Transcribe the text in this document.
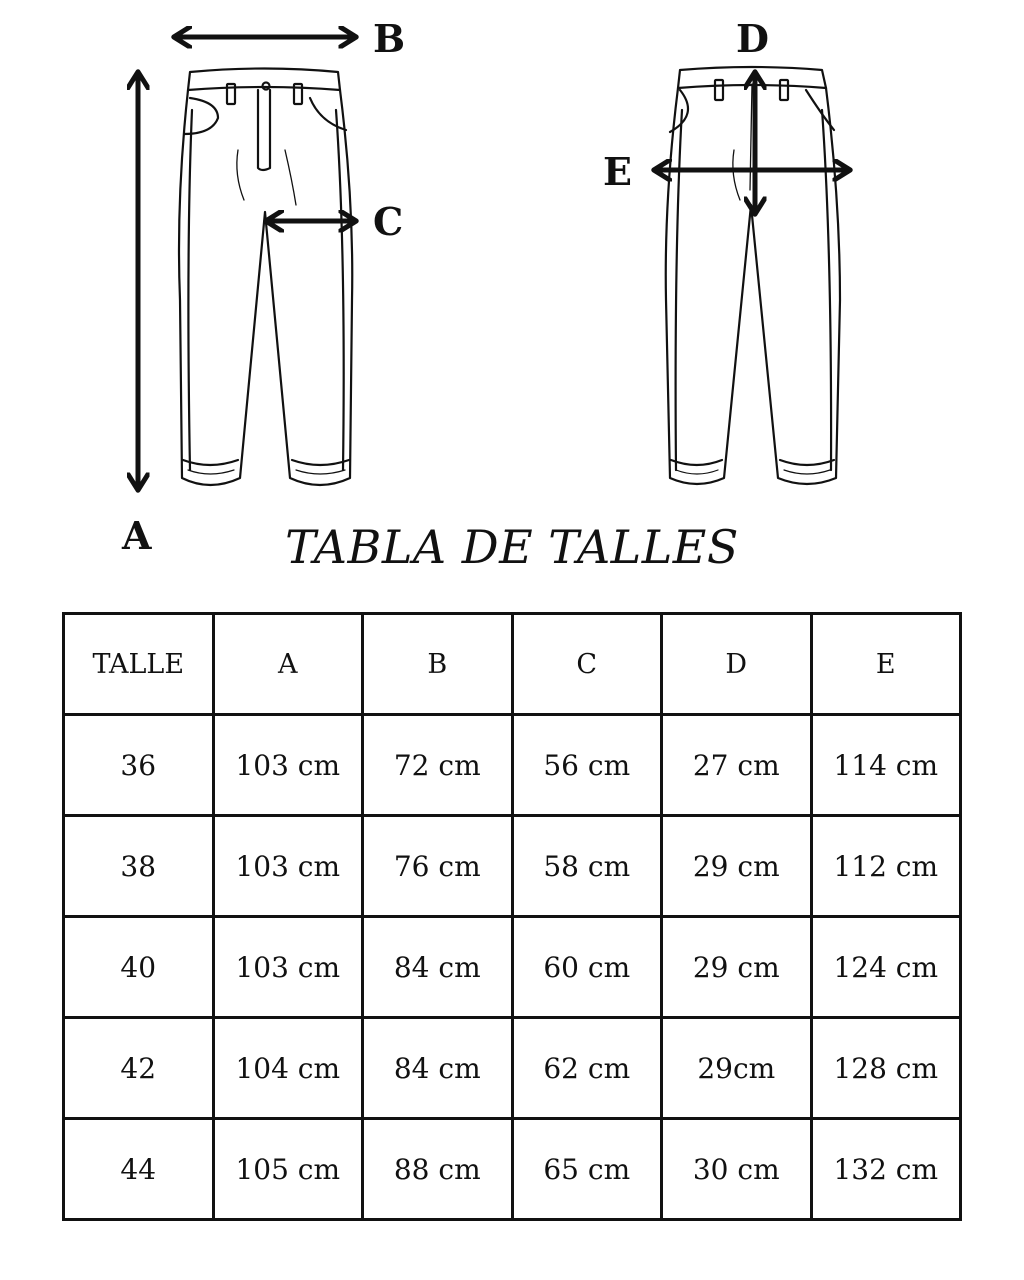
B
C
A
D
E
TABLA DE TALLES
TALLE	A	B	C	D	E
36	103 cm	72 cm	56 cm	27 cm	114 cm
38	103 cm	76 cm	58 cm	29 cm	112 cm
40	103 cm	84 cm	60 cm	29 cm	124 cm
42	104 cm	84 cm	62 cm	29cm	128 cm
44	105 cm	88 cm	65 cm	30 cm	132 cm
